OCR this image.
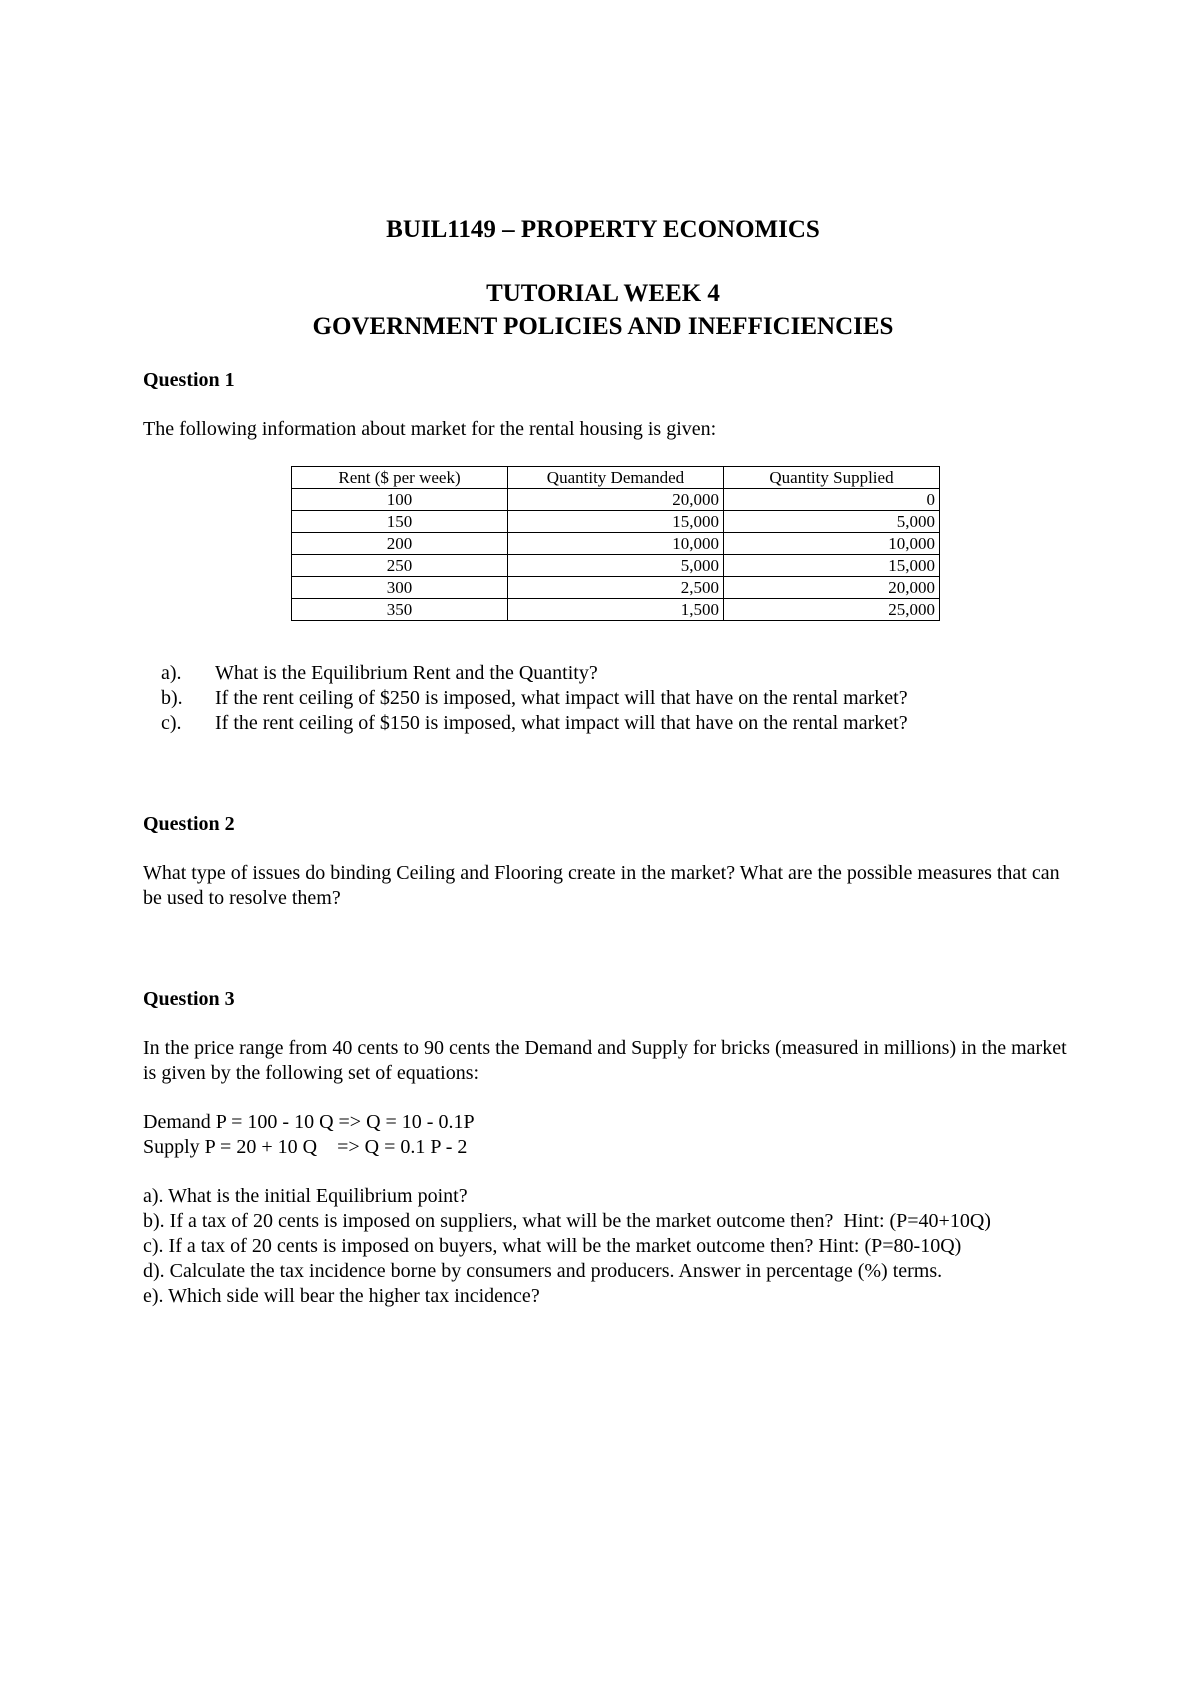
BUIL1149 – PROPERTY ECONOMICS
TUTORIAL WEEK 4
GOVERNMENT POLICIES AND INEFFICIENCIES

Question 1

The following information about market for the rental housing is given:

Rent ($ per week)	Quantity Demanded	Quantity Supplied
100	20,000	0
150	15,000	5,000
200	10,000	10,000
250	5,000	15,000
300	2,500	20,000
350	1,500	25,000

a). What is the Equilibrium Rent and the Quantity?

b). If the rent ceiling of $250 is imposed, what impact will that have on the rental market?

c). If the rent ceiling of $150 is imposed, what impact will that have on the rental market?

Question 2

What type of issues do binding Ceiling and Flooring create in the market? What are the possible measures that can be used to resolve them?

Question 3

In the price range from 40 cents to 90 cents the Demand and Supply for bricks (measured in millions) in the market is given by the following set of equations:

Demand P = 100 - 10 Q => Q = 10 - 0.1P

Supply P = 20 + 10 Q    => Q = 0.1 P - 2

a). What is the initial Equilibrium point?

b). If a tax of 20 cents is imposed on suppliers, what will be the market outcome then?  Hint: (P=40+10Q)

c). If a tax of 20 cents is imposed on buyers, what will be the market outcome then? Hint: (P=80-10Q)

d). Calculate the tax incidence borne by consumers and producers. Answer in percentage (%) terms.

e). Which side will bear the higher tax incidence?
